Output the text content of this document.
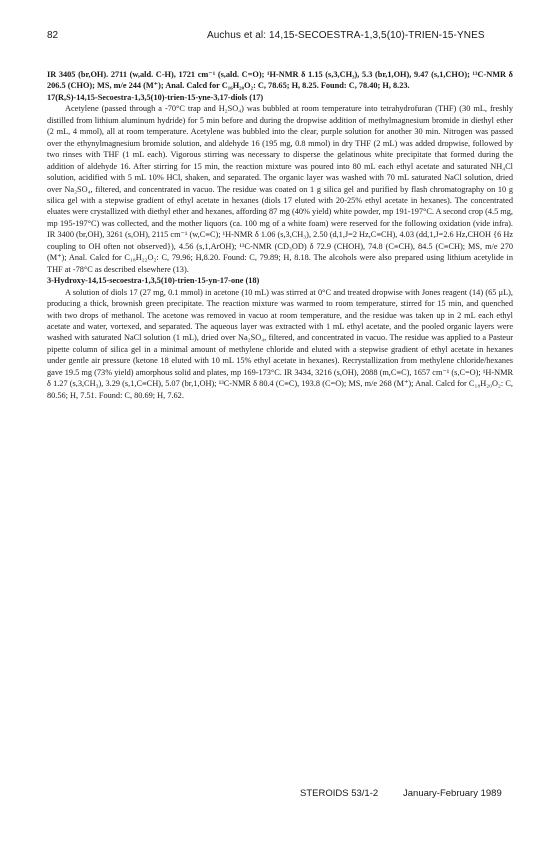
82	Auchus et al: 14,15-SECOESTRA-1,3,5(10)-TRIEN-15-YNES

IR 3405 (br,OH). 2711 (w,ald. C-H), 1721 cm⁻¹ (s,ald. C=O); ¹H-NMR δ 1.15 (s,3,CH₃), 5.3 (br,1,OH), 9.47 (s,1,CHO); ¹³C-NMR δ 206.5 (CHO); MS, m/e 244 (M⁺); Anal. Calcd for C₁₆H₂₀O₂: C, 78.65; H, 8.25. Found: C, 78.40; H, 8.23.

17(R,S)-14,15-Secoestra-1,3,5(10)-trien-15-yne-3,17-diols (17)

Acetylene (passed through a -70°C trap and H₂SO₄) was bubbled at room temperature into tetrahydrofuran (THF) (30 mL, freshly distilled from lithium aluminum hydride) for 5 min before and during the dropwise addition of methylmagnesium bromide in diethyl ether (2 mL, 4 mmol), all at room temperature. Acetylene was bubbled into the clear, purple solution for another 30 min. Nitrogen was passed over the ethynylmagnesium bromide solution, and aldehyde 16 (195 mg, 0.8 mmol) in dry THF (2 mL) was added dropwise, followed by two rinses with THF (1 mL each). Vigorous stirring was necessary to disperse the gelatinous white precipitate that formed during the addition of aldehyde 16. After stirring for 15 min, the reaction mixture was poured into 80 mL each ethyl acetate and saturated NH₄Cl solution, acidified with 5 mL 10% HCl, shaken, and separated. The organic layer was washed with 70 mL saturated NaCl solution, dried over Na₂SO₄, filtered, and concentrated in vacuo. The residue was coated on 1 g silica gel and purified by flash chromatography on 10 g silica gel with a stepwise gradient of ethyl acetate in hexanes (diols 17 eluted with 20-25% ethyl acetate in hexanes). The concentrated eluates were crystallized with diethyl ether and hexanes, affording 87 mg (40% yield) white powder, mp 191-197°C. A second crop (4.5 mg, mp 195-197°C) was collected, and the mother liquors (ca. 100 mg of a white foam) were reserved for the following oxidation (vide infra). IR 3400 (br,OH), 3261 (s,OH), 2115 cm⁻¹ (w,C≡C); ¹H-NMR δ 1.06 (s,3,CH₃), 2.50 (d,1,J=2 Hz,C≡CH), 4.03 (dd,1,J=2.6 Hz,CHOH {6 Hz coupling to OH often not observed}), 4.56 (s,1,ArOH); ¹³C-NMR (CD₃OD) δ 72.9 (CHOH), 74.8 (C≡CH), 84.5 (C≡CH); MS, m/e 270 (M⁺); Anal. Calcd for C₁₈H₂₂O₂: C, 79.96; H,8.20. Found: C, 79.89; H, 8.18. The alcohols were also prepared using lithium acetylide in THF at -78°C as described elsewhere (13).

3-Hydroxy-14,15-secoestra-1,3,5(10)-trien-15-yn-17-one (18)

A solution of diols 17 (27 mg, 0.1 mmol) in acetone (10 mL) was stirred at 0°C and treated dropwise with Jones reagent (14) (65 μL), producing a thick, brownish green precipitate. The reaction mixture was warmed to room temperature, stirred for 15 min, and quenched with two drops of methanol. The acetone was removed in vacuo at room temperature, and the residue was taken up in 2 mL each ethyl acetate and water, vortexed, and separated. The aqueous layer was extracted with 1 mL ethyl acetate, and the pooled organic layers were washed with saturated NaCl solution (1 mL), dried over Na₂SO₄, filtered, and concentrated in vacuo. The residue was applied to a Pasteur pipette column of silica gel in a minimal amount of methylene chloride and eluted with a stepwise gradient of ethyl acetate in hexanes under gentle air pressure (ketone 18 eluted with 10 mL 15% ethyl acetate in hexanes). Recrystallization from methylene chloride/hexanes gave 19.5 mg (73% yield) amorphous solid and plates, mp 169-173°C. IR 3434, 3216 (s,OH), 2088 (m,C≡C), 1657 cm⁻¹ (s,C=O); ¹H-NMR δ 1.27 (s,3,CH₃), 3.29 (s,1,C≡CH), 5.07 (br,1,OH); ¹³C-NMR δ 80.4 (C≡C), 193.8 (C=O); MS, m/e 268 (M⁺); Anal. Calcd for C₁₈H₂₀O₂: C, 80.56; H, 7.51. Found: C, 80.69; H, 7.62.

STEROIDS 53/1-2	January-February 1989
